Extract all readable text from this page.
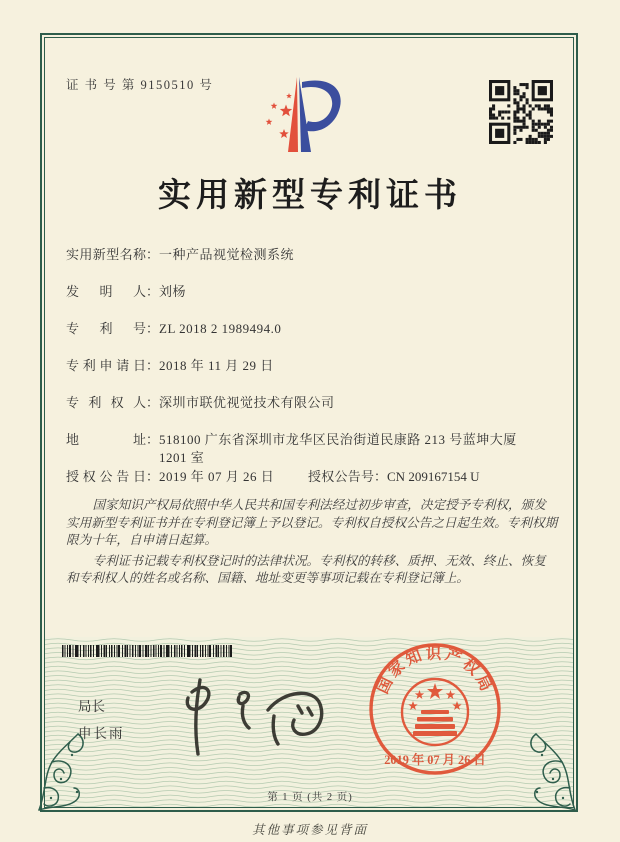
证 书 号 第 9150510 号
实用新型专利证书
实用新型名称 ： 一种产品视觉检测系统
发明人 ： 刘杨
专利号 ： ZL 2018 2 1989494.0
专利申请日 ： 2018 年 11 月 29 日
专利权人 ： 深圳市联优视觉技术有限公司
地址 ： 518100 广东省深圳市龙华区民治街道民康路 213 号蓝坤大厦 1201 室
授权公告日 ： 2019 年 07 月 26 日	授权公告号 ： CN 209167154 U

国家知识产权局依照中华人民共和国专利法经过初步审查，决定授予专利权，颁发实用新型专利证书并在专利登记簿上予以登记。专利权自授权公告之日起生效。专利权期限为十年，自申请日起算。

专利证书记载专利权登记时的法律状况。专利权的转移、质押、无效、终止、恢复和专利权人的姓名或名称、国籍、地址变更等事项记载在专利登记簿上。

局长
申长雨
国家知识产权局
2019 年 07 月 26 日
第 1 页 (共 2 页)
其他事项参见背面
